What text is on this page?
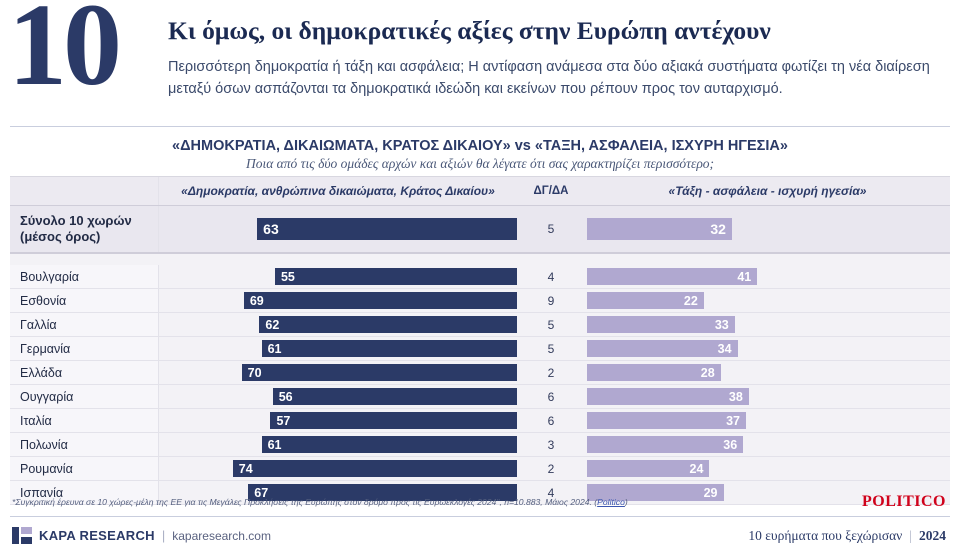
10 Κι όμως, οι δημοκρατικές αξίες στην Ευρώπη αντέχουν
Περισσότερη δημοκρατία ή τάξη και ασφάλεια; Η αντίφαση ανάμεσα στα δύο αξιακά συστήματα φωτίζει τη νέα διαίρεση μεταξύ όσων ασπάζονται τα δημοκρατικά ιδεώδη και εκείνων που ρέπουν προς τον αυταρχισμό.
«ΔΗΜΟΚΡΑΤΙΑ, ΔΙΚΑΙΩΜΑΤΑ, ΚΡΑΤΟΣ ΔΙΚΑΙΟΥ» vs «ΤΑΞΗ, ΑΣΦΑΛΕΙΑ, ΙΣΧΥΡΗ ΗΓΕΣΙΑ»
Ποια από τις δύο ομάδες αρχών και αξιών θα λέγατε ότι σας χαρακτηρίζει περισσότερο;
«Δημοκρατία, ανθρώπινα δικαιώματα, Κράτος Δικαίου»	ΔΓ/ΔΑ	«Τάξη - ασφάλεια - ισχυρή ηγεσία»
Σύνολο 10 χωρών
(μέσος όρος)	63	5	32
Βουλγαρία	55	4	41
Εσθονία	69	9	22
Γαλλία	62	5	33
Γερμανία	61	5	34
Ελλάδα	70	2	28
Ουγγαρία	56	6	38
Ιταλία	57	6	37
Πολωνία	61	3	36
Ρουμανία	74	2	24
Ισπανία	67	4	29
*Συγκριτική έρευνα σε 10 χώρες-μέλη της ΕΕ για τις Μεγάλες Προκλήσεις της Ευρώπης στον δρόμο προς τις Ευρωεκλογές 2024", n=10.883, Μάιος 2024. (Politico)	POLITICO
KAPA RESEARCH | kaparesearch.com	10 ευρήματα που ξεχώρισαν | 2024
